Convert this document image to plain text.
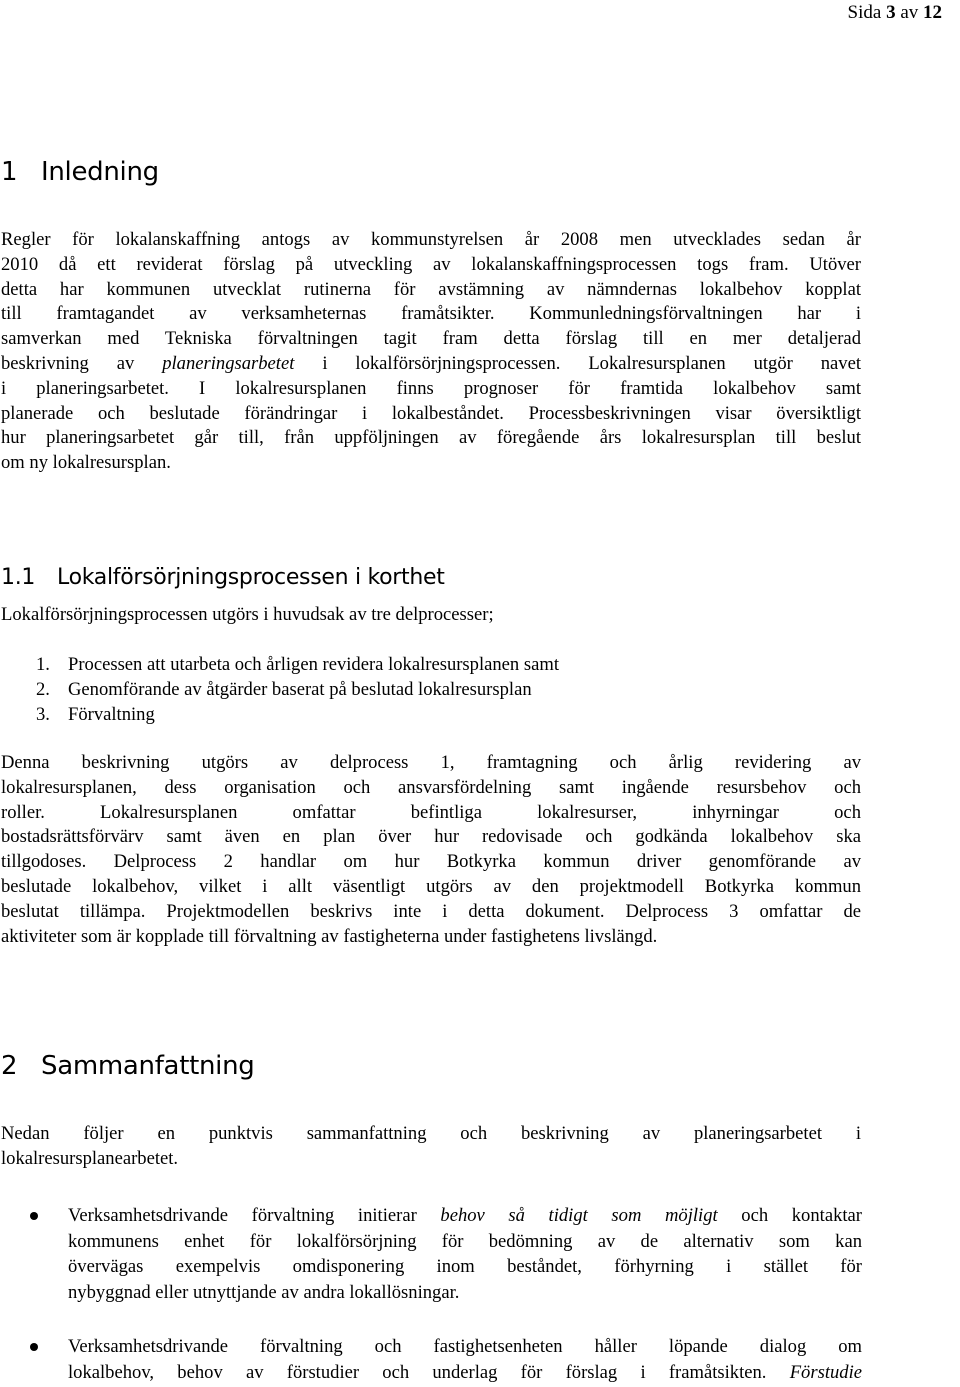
Sida 3 av 12
1 Inledning
Regler för lokalanskaffning antogs av kommunstyrelsen år 2008 men utvecklades sedan år
2010 då ett reviderat förslag på utveckling av lokalanskaffningsprocessen togs fram. Utöver
detta har kommunen utvecklat rutinerna för avstämning av nämndernas lokalbehov kopplat
till framtagandet av verksamheternas framåtsikter. Kommunledningsförvaltningen har i
samverkan med Tekniska förvaltningen tagit fram detta förslag till en mer detaljerad
beskrivning av planeringsarbetet i lokalförsörjningsprocessen. Lokalresursplanen utgör navet
i planeringsarbetet. I lokalresursplanen finns prognoser för framtida lokalbehov samt
planerade och beslutade förändringar i lokalbeståndet. Processbeskrivningen visar översiktligt
hur planeringsarbetet går till, från uppföljningen av föregående års lokalresursplan till beslut
om ny lokalresursplan.
1.1 Lokalförsörjningsprocessen i korthet
Lokalförsörjningsprocessen utgörs i huvudsak av tre delprocesser;
1. Processen att utarbeta och årligen revidera lokalresursplanen samt
2. Genomförande av åtgärder baserat på beslutad lokalresursplan
3. Förvaltning
Denna beskrivning utgörs av delprocess 1, framtagning och årlig revidering av
lokalresursplanen, dess organisation och ansvarsfördelning samt ingående resursbehov och
roller. Lokalresursplanen omfattar befintliga lokalresurser, inhyrningar och
bostadsrättsförvärv samt även en plan över hur redovisade och godkända lokalbehov ska
tillgodoses. Delprocess 2 handlar om hur Botkyrka kommun driver genomförande av
beslutade lokalbehov, vilket i allt väsentligt utgörs av den projektmodell Botkyrka kommun
beslutat tillämpa. Projektmodellen beskrivs inte i detta dokument. Delprocess 3 omfattar de
aktiviteter som är kopplade till förvaltning av fastigheterna under fastighetens livslängd.
2 Sammanfattning
Nedan följer en punktvis sammanfattning och beskrivning av planeringsarbetet i
lokalresursplanearbetet.
Verksamhetsdrivande förvaltning initierar behov så tidigt som möjligt och kontaktar
kommunens enhet för lokalförsörjning för bedömning av de alternativ som kan
övervägas exempelvis omdisponering inom beståndet, förhyrning i stället för
nybyggnad eller utnyttjande av andra lokallösningar.
Verksamhetsdrivande förvaltning och fastighetsenheten håller löpande dialog om
lokalbehov, behov av förstudier och underlag för förslag i framåtsikten. Förstudie
